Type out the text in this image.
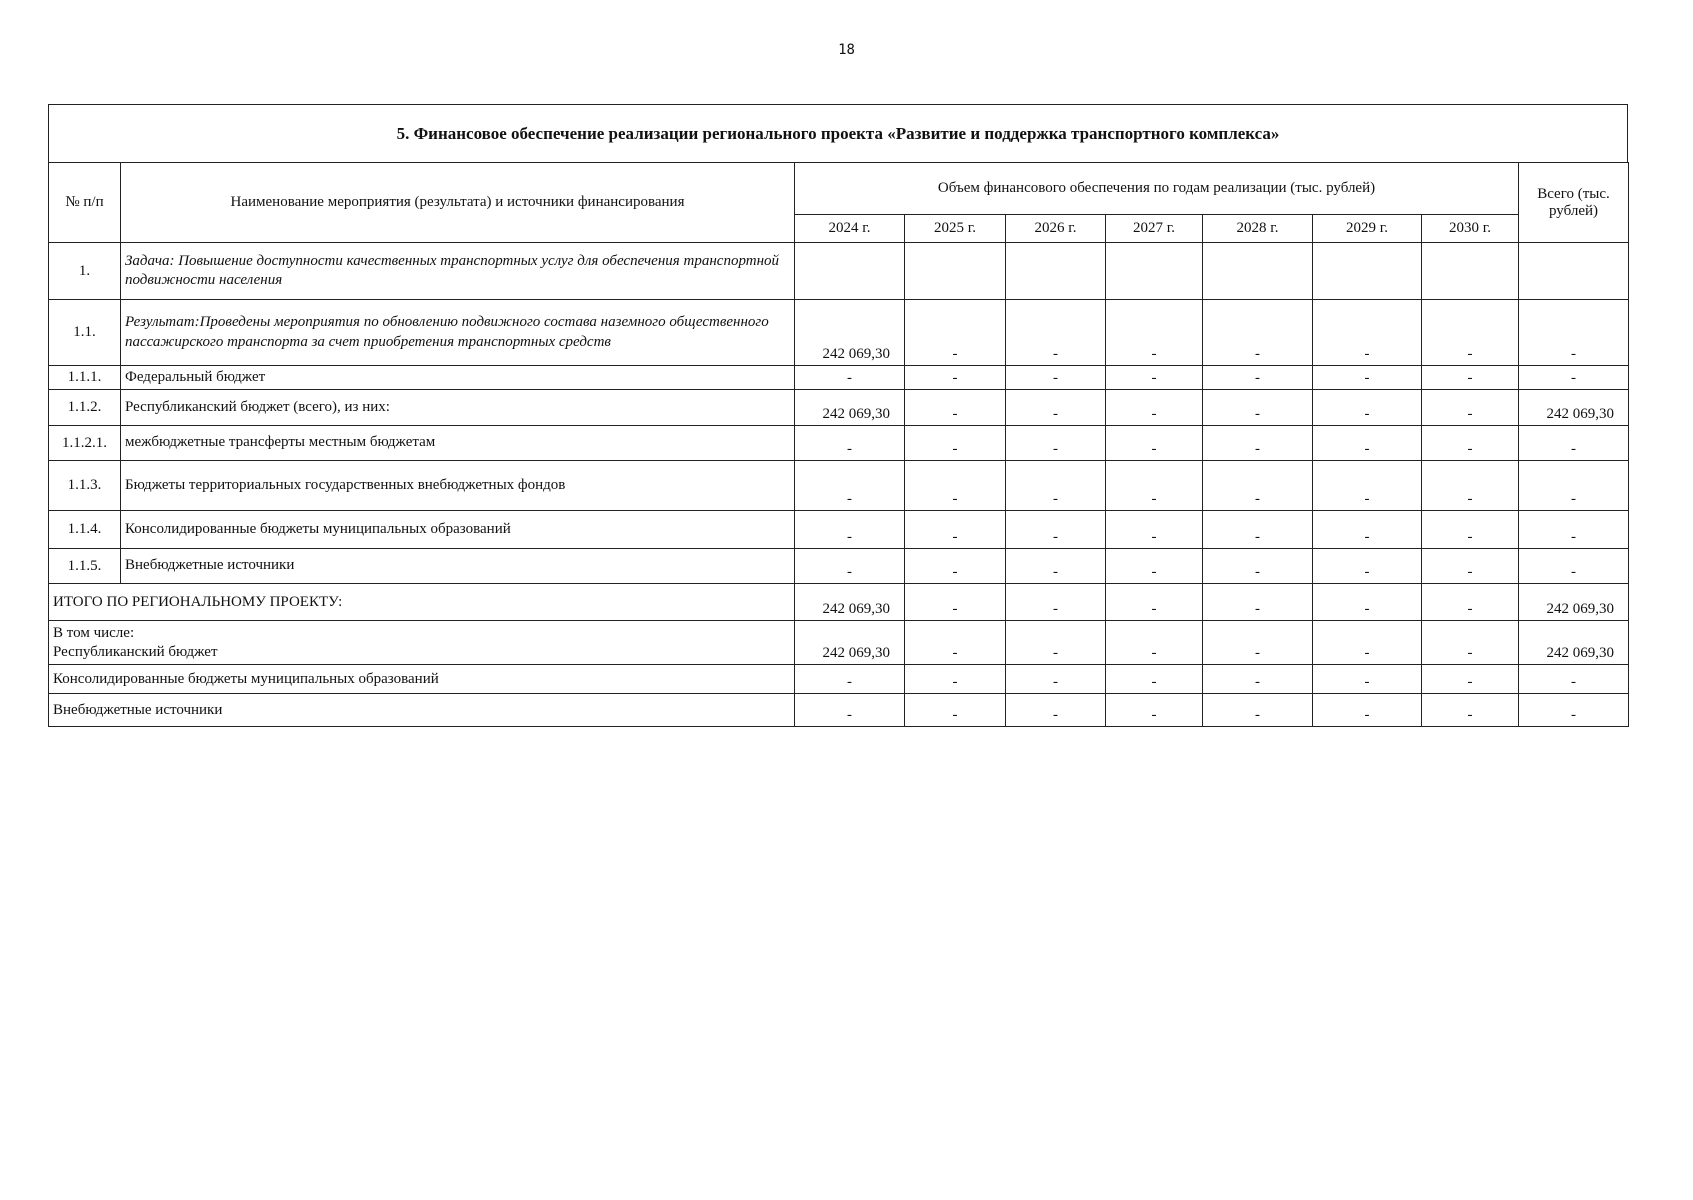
18
5. Финансовое обеспечение реализации регионального проекта «Развитие и поддержка транспортного комплекса»
№ п/п	Наименование мероприятия (результата) и источники финансирования	Объем финансового обеспечения по годам реализации (тыс. рублей)							Всего (тыс. рублей)
		2024 г.	2025 г.	2026 г.	2027 г.	2028 г.	2029 г.	2030 г.	
1.	Задача: Повышение доступности качественных транспортных услуг для обеспечения транспортной подвижности населения								
1.1.	Результат:Проведены мероприятия по обновлению подвижного состава наземного общественного пассажирского транспорта за счет приобретения транспортных средств	242 069,30	-	-	-	-	-	-	-
1.1.1.	Федеральный бюджет	-	-	-	-	-	-	-	-
1.1.2.	Республиканский бюджет (всего), из них:	242 069,30	-	-	-	-	-	-	242 069,30
1.1.2.1.	межбюджетные трансферты местным бюджетам	-	-	-	-	-	-	-	-
1.1.3.	Бюджеты территориальных государственных внебюджетных фондов	-	-	-	-	-	-	-	-
1.1.4.	Консолидированные бюджеты муниципальных образований	-	-	-	-	-	-	-	-
1.1.5.	Внебюджетные источники	-	-	-	-	-	-	-	-

ИТОГО ПО РЕГИОНАЛЬНОМУ ПРОЕКТУ:		242 069,30	-	-	-	-	-	-	242 069,30

В том числе:
Республиканский бюджет		242 069,30	-	-	-	-	-	-	242 069,30

Консолидированные бюджеты муниципальных образований		-	-	-	-	-	-	-	-

Внебюджетные источники		-	-	-	-	-	-	-	-
